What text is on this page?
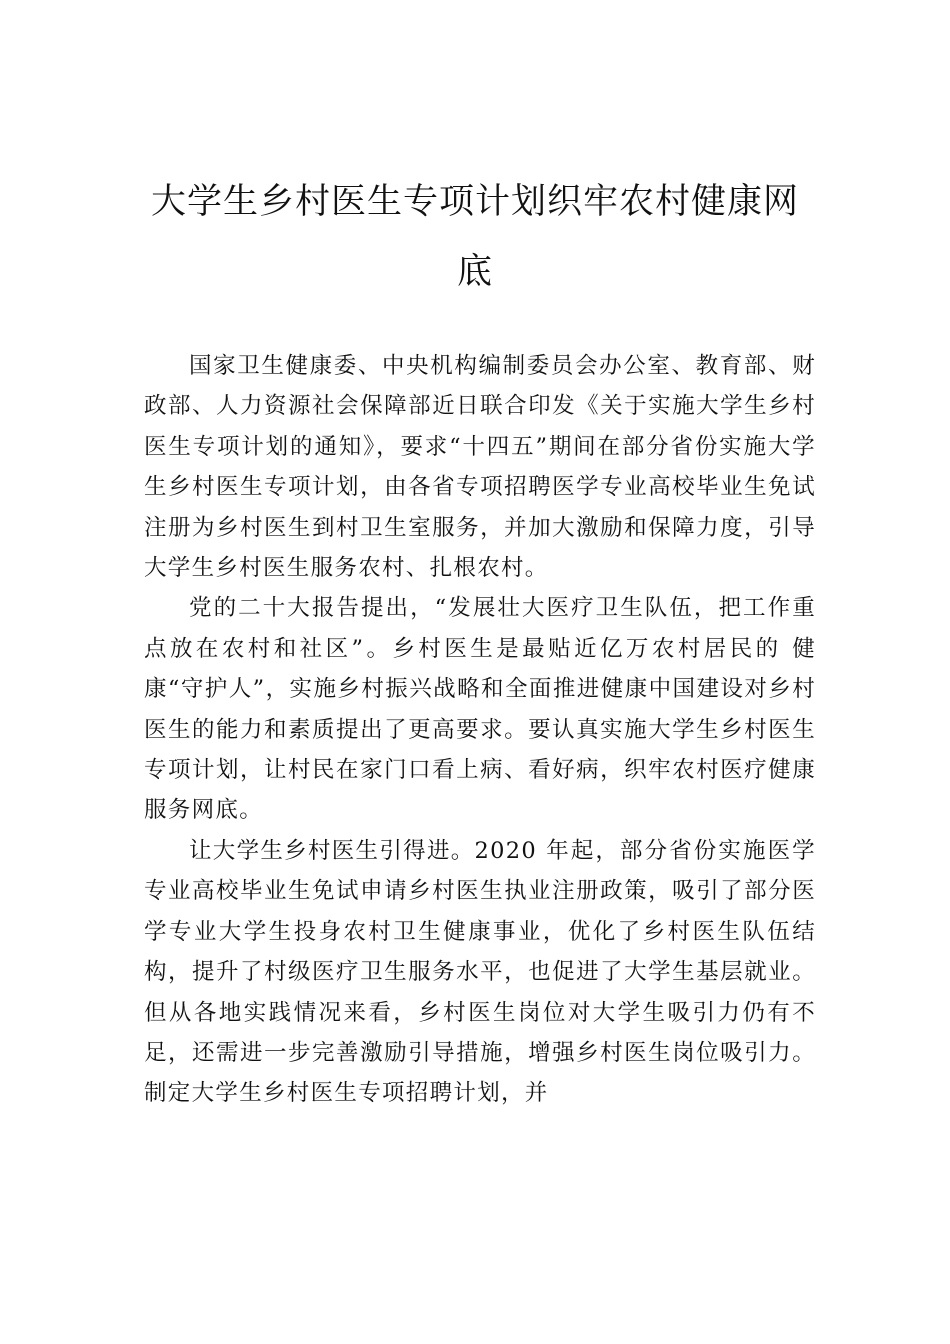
大学生乡村医生专项计划织牢农村健康网底

国家卫生健康委、中央机构编制委员会办公室、教育部、财政部、人力资源社会保障部近日联合印发《关于实施大学生乡村医生专项计划的通知》，要求“十四五”期间在部分省份实施大学生乡村医生专项计划，由各省专项招聘医学专业高校毕业生免试注册为乡村医生到村卫生室服务，并加大激励和保障力度，引导大学生乡村医生服务农村、扎根农村。

党的二十大报告提出，“发展壮大医疗卫生队伍，把工作重点放在农村和社区”。乡村医生是最贴近亿万农村居民的 健康“守护人”，实施乡村振兴战略和全面推进健康中国建设对乡村医生的能力和素质提出了更高要求。要认真实施大学生乡村医生专项计划，让村民在家门口看上病、看好病，织牢农村医疗健康服务网底。

让大学生乡村医生引得进。2020 年起，部分省份实施医学专业高校毕业生免试申请乡村医生执业注册政策，吸引了部分医学专业大学生投身农村卫生健康事业，优化了乡村医生队伍结构，提升了村级医疗卫生服务水平，也促进了大学生基层就业。但从各地实践情况来看，乡村医生岗位对大学生吸引力仍有不足，还需进一步完善激励引导措施，增强乡村医生岗位吸引力。制定大学生乡村医生专项招聘计划，并
